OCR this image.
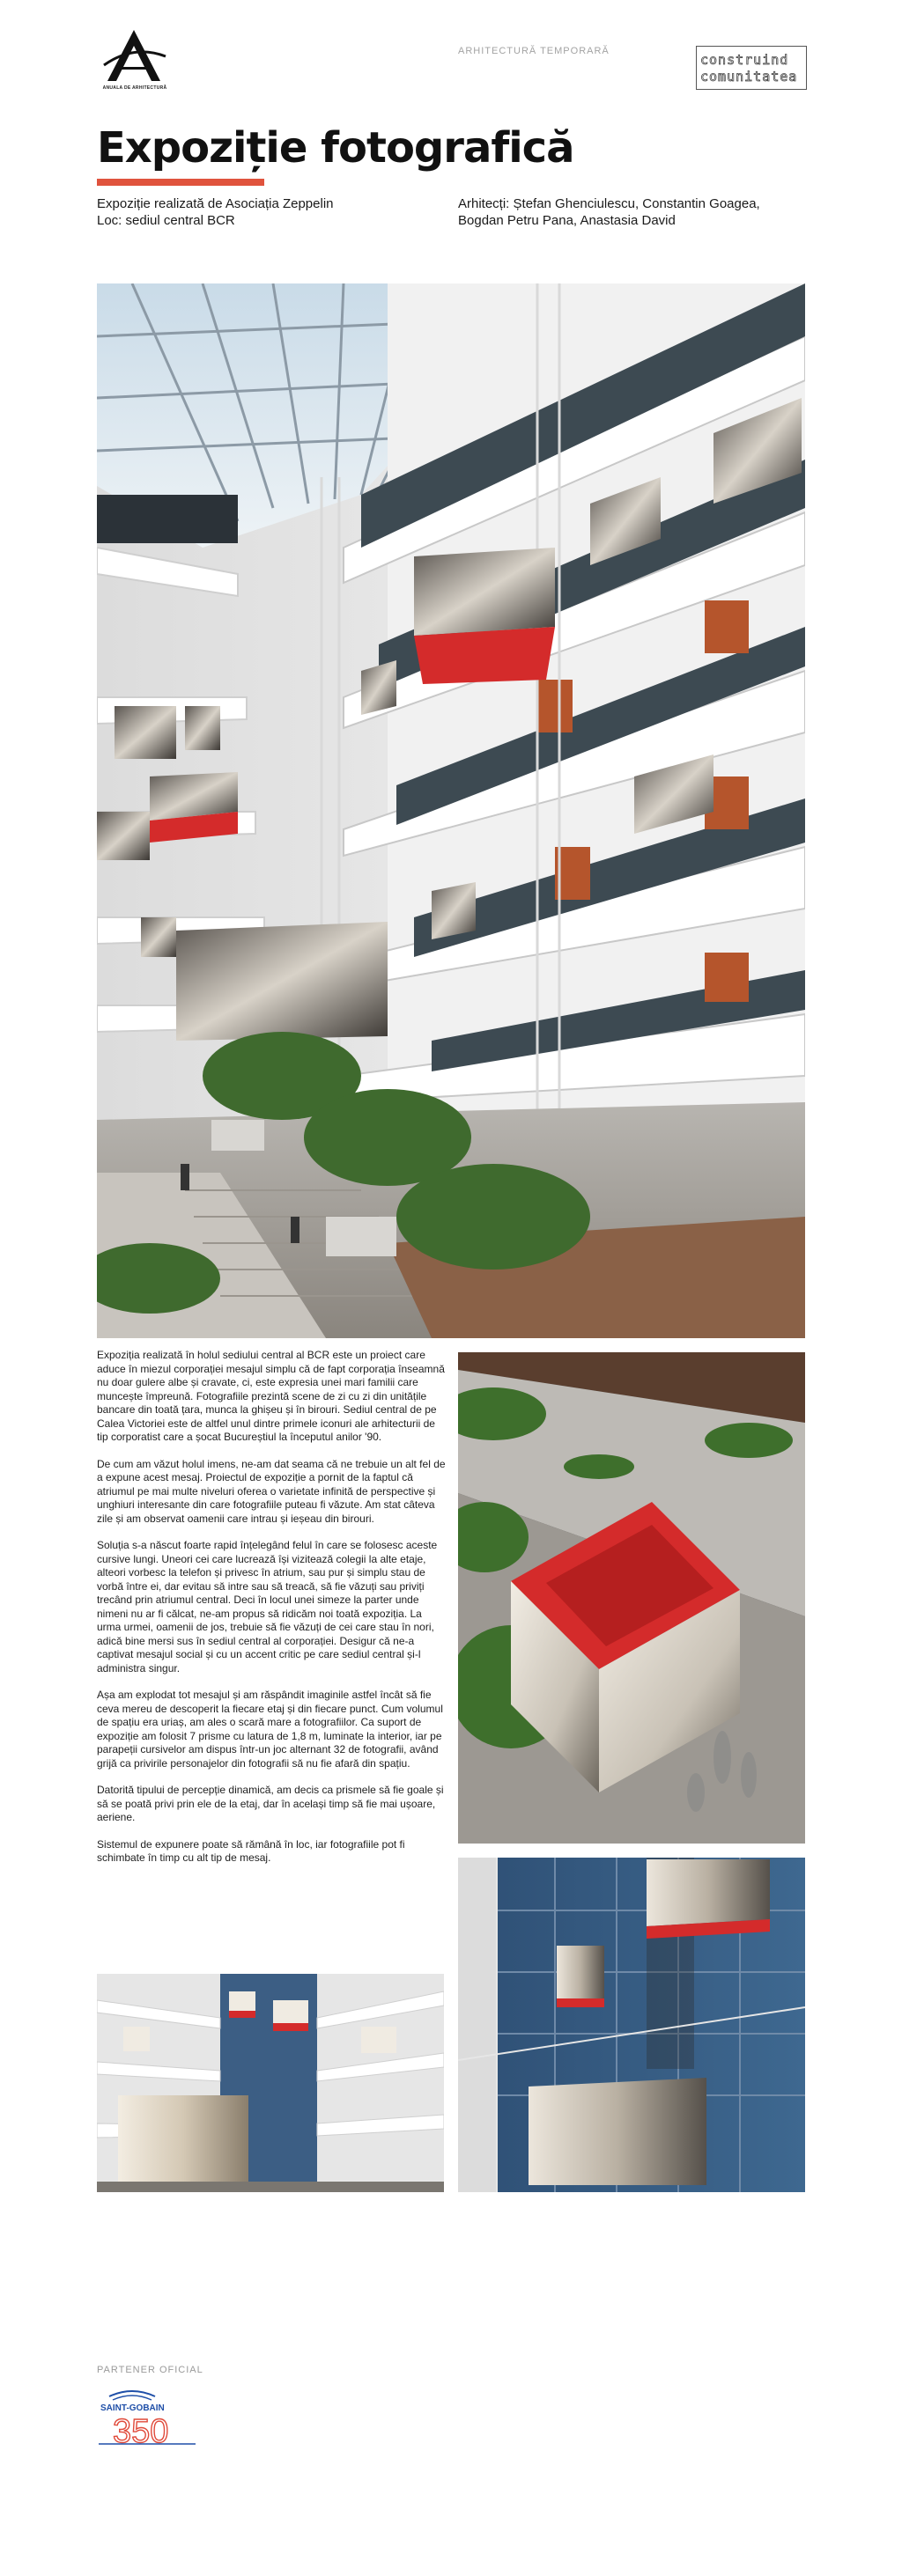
ANUALA DE ARHITECTURĂ
ARHITECTURĂ TEMPORARĂ
construind
comunitatea
Expoziție fotografică
Expoziție realizată de Asociația Zeppelin
Loc: sediul central BCR
Arhitecți: Ștefan Ghenciulescu, Constantin Goagea,
Bogdan Petru Pana, Anastasia David

Expoziția realizată în holul sediului central al BCR este un proiect care aduce în miezul corporației mesajul simplu că de fapt corporația înseamnă nu doar gulere albe și cravate, ci, este expresia unei mari familii care muncește împreună. Fotografiile prezintă scene de zi cu zi din unitățile bancare din toată țara, munca la ghișeu și în birouri. Sediul central de pe Calea Victoriei este de altfel unul dintre primele iconuri ale arhitecturii de tip corporatist care a șocat Bucureștiul la începutul anilor '90.

De cum am văzut holul imens, ne-am dat seama că ne trebuie un alt fel de a expune acest mesaj. Proiectul de expoziție a pornit de la faptul că atriumul pe mai multe niveluri oferea o varietate infinită de perspective și unghiuri interesante din care fotografiile puteau fi văzute. Am stat câteva zile și am observat oamenii care intrau și ieșeau din birouri.

Soluția s-a născut foarte rapid înțelegând felul în care se folosesc aceste cursive lungi. Uneori cei care lucrează își vizitează colegii la alte etaje, alteori vorbesc la telefon și privesc în atrium, sau pur și simplu stau de vorbă între ei, dar evitau să intre sau să treacă, să fie văzuți sau priviți trecând prin atriumul central. Deci în locul unei simeze la parter unde nimeni nu ar fi călcat, ne-am propus să ridicăm noi toată expoziția. La urma urmei, oamenii de jos, trebuie să fie văzuți de cei care stau în nori, adică bine mersi sus în sediul central al corporației. Desigur că ne-a captivat mesajul social și cu un accent critic pe care sediul central și-l administra singur.

Așa am explodat tot mesajul și am răspândit imaginile astfel încât să fie ceva mereu de descoperit la fiecare etaj și din fiecare punct. Cum volumul de spațiu era uriaș, am ales o scară mare a fotografiilor. Ca suport de expoziție am folosit 7 prisme cu latura de 1,8 m, luminate la interior, iar pe parapeții cursivelor am dispus într-un joc alternant 32 de fotografii, având grijă ca privirile personajelor din fotografii să nu fie afară din spațiu.

Datorită tipului de percepție dinamică, am decis ca prismele să fie goale și să se poată privi prin ele de la etaj, dar în același timp să fie mai ușoare, aeriene.

Sistemul de expunere poate să rămână în loc, iar fotografiile pot fi schimbate în timp cu alt tip de mesaj.

PARTENER OFICIAL
SAINT-GOBAIN
350
